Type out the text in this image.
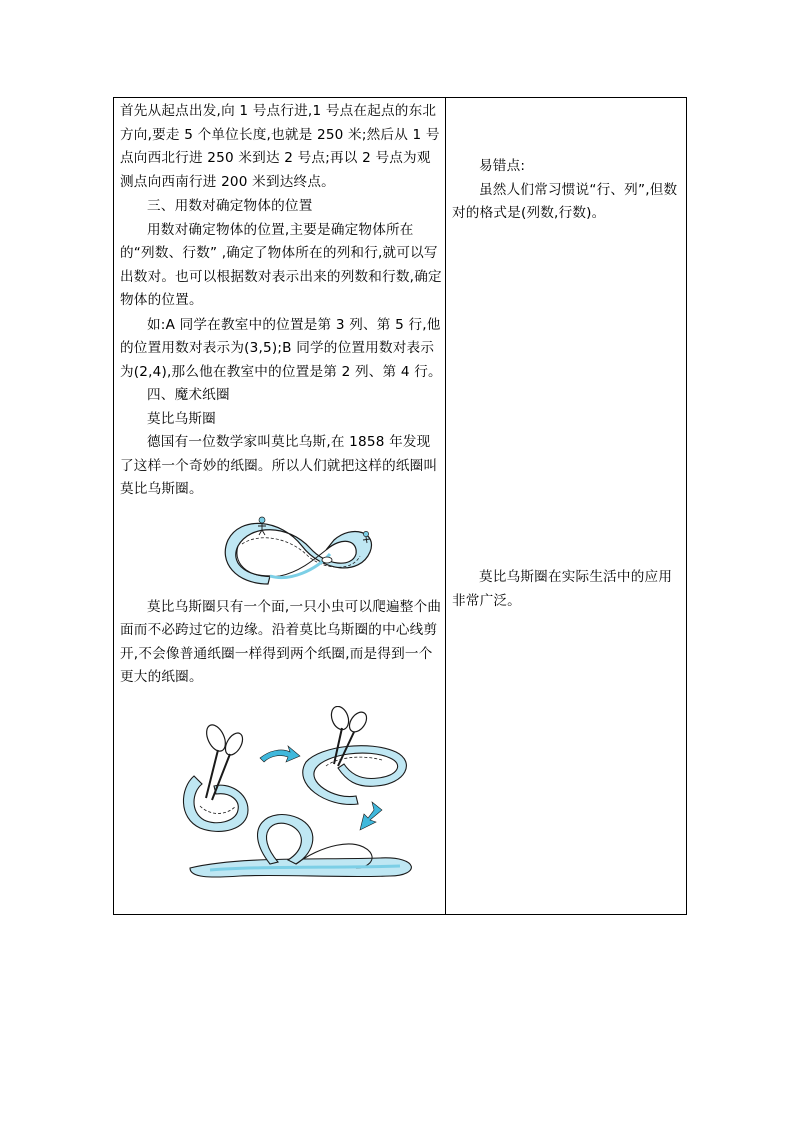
首先从起点出发,向 1 号点行进,1 号点在起点的东北方向,要走 5 个单位长度,也就是 250 米;然后从 1 号点向西北行进 250 米到达 2 号点;再以 2 号点为观测点向西南行进 200 米到达终点。

三、用数对确定物体的位置

用数对确定物体的位置,主要是确定物体所在的“列数、行数” ,确定了物体所在的列和行,就可以写出数对。也可以根据数对表示出来的列数和行数,确定物体的位置。

如:A 同学在教室中的位置是第 3 列、第 5 行,他的位置用数对表示为(3,5);B 同学的位置用数对表示为(2,4),那么他在教室中的位置是第 2 列、第 4 行。

四、魔术纸圈

莫比乌斯圈

德国有一位数学家叫莫比乌斯,在 1858 年发现了这样一个奇妙的纸圈。所以人们就把这样的纸圈叫莫比乌斯圈。

莫比乌斯圈只有一个面,一只小虫可以爬遍整个曲面而不必跨过它的边缘。沿着莫比乌斯圈的中心线剪开,不会像普通纸圈一样得到两个纸圈,而是得到一个更大的纸圈。

易错点:

虽然人们常习惯说“行、列”,但数对的格式是(列数,行数)。

莫比乌斯圈在实际生活中的应用非常广泛。
